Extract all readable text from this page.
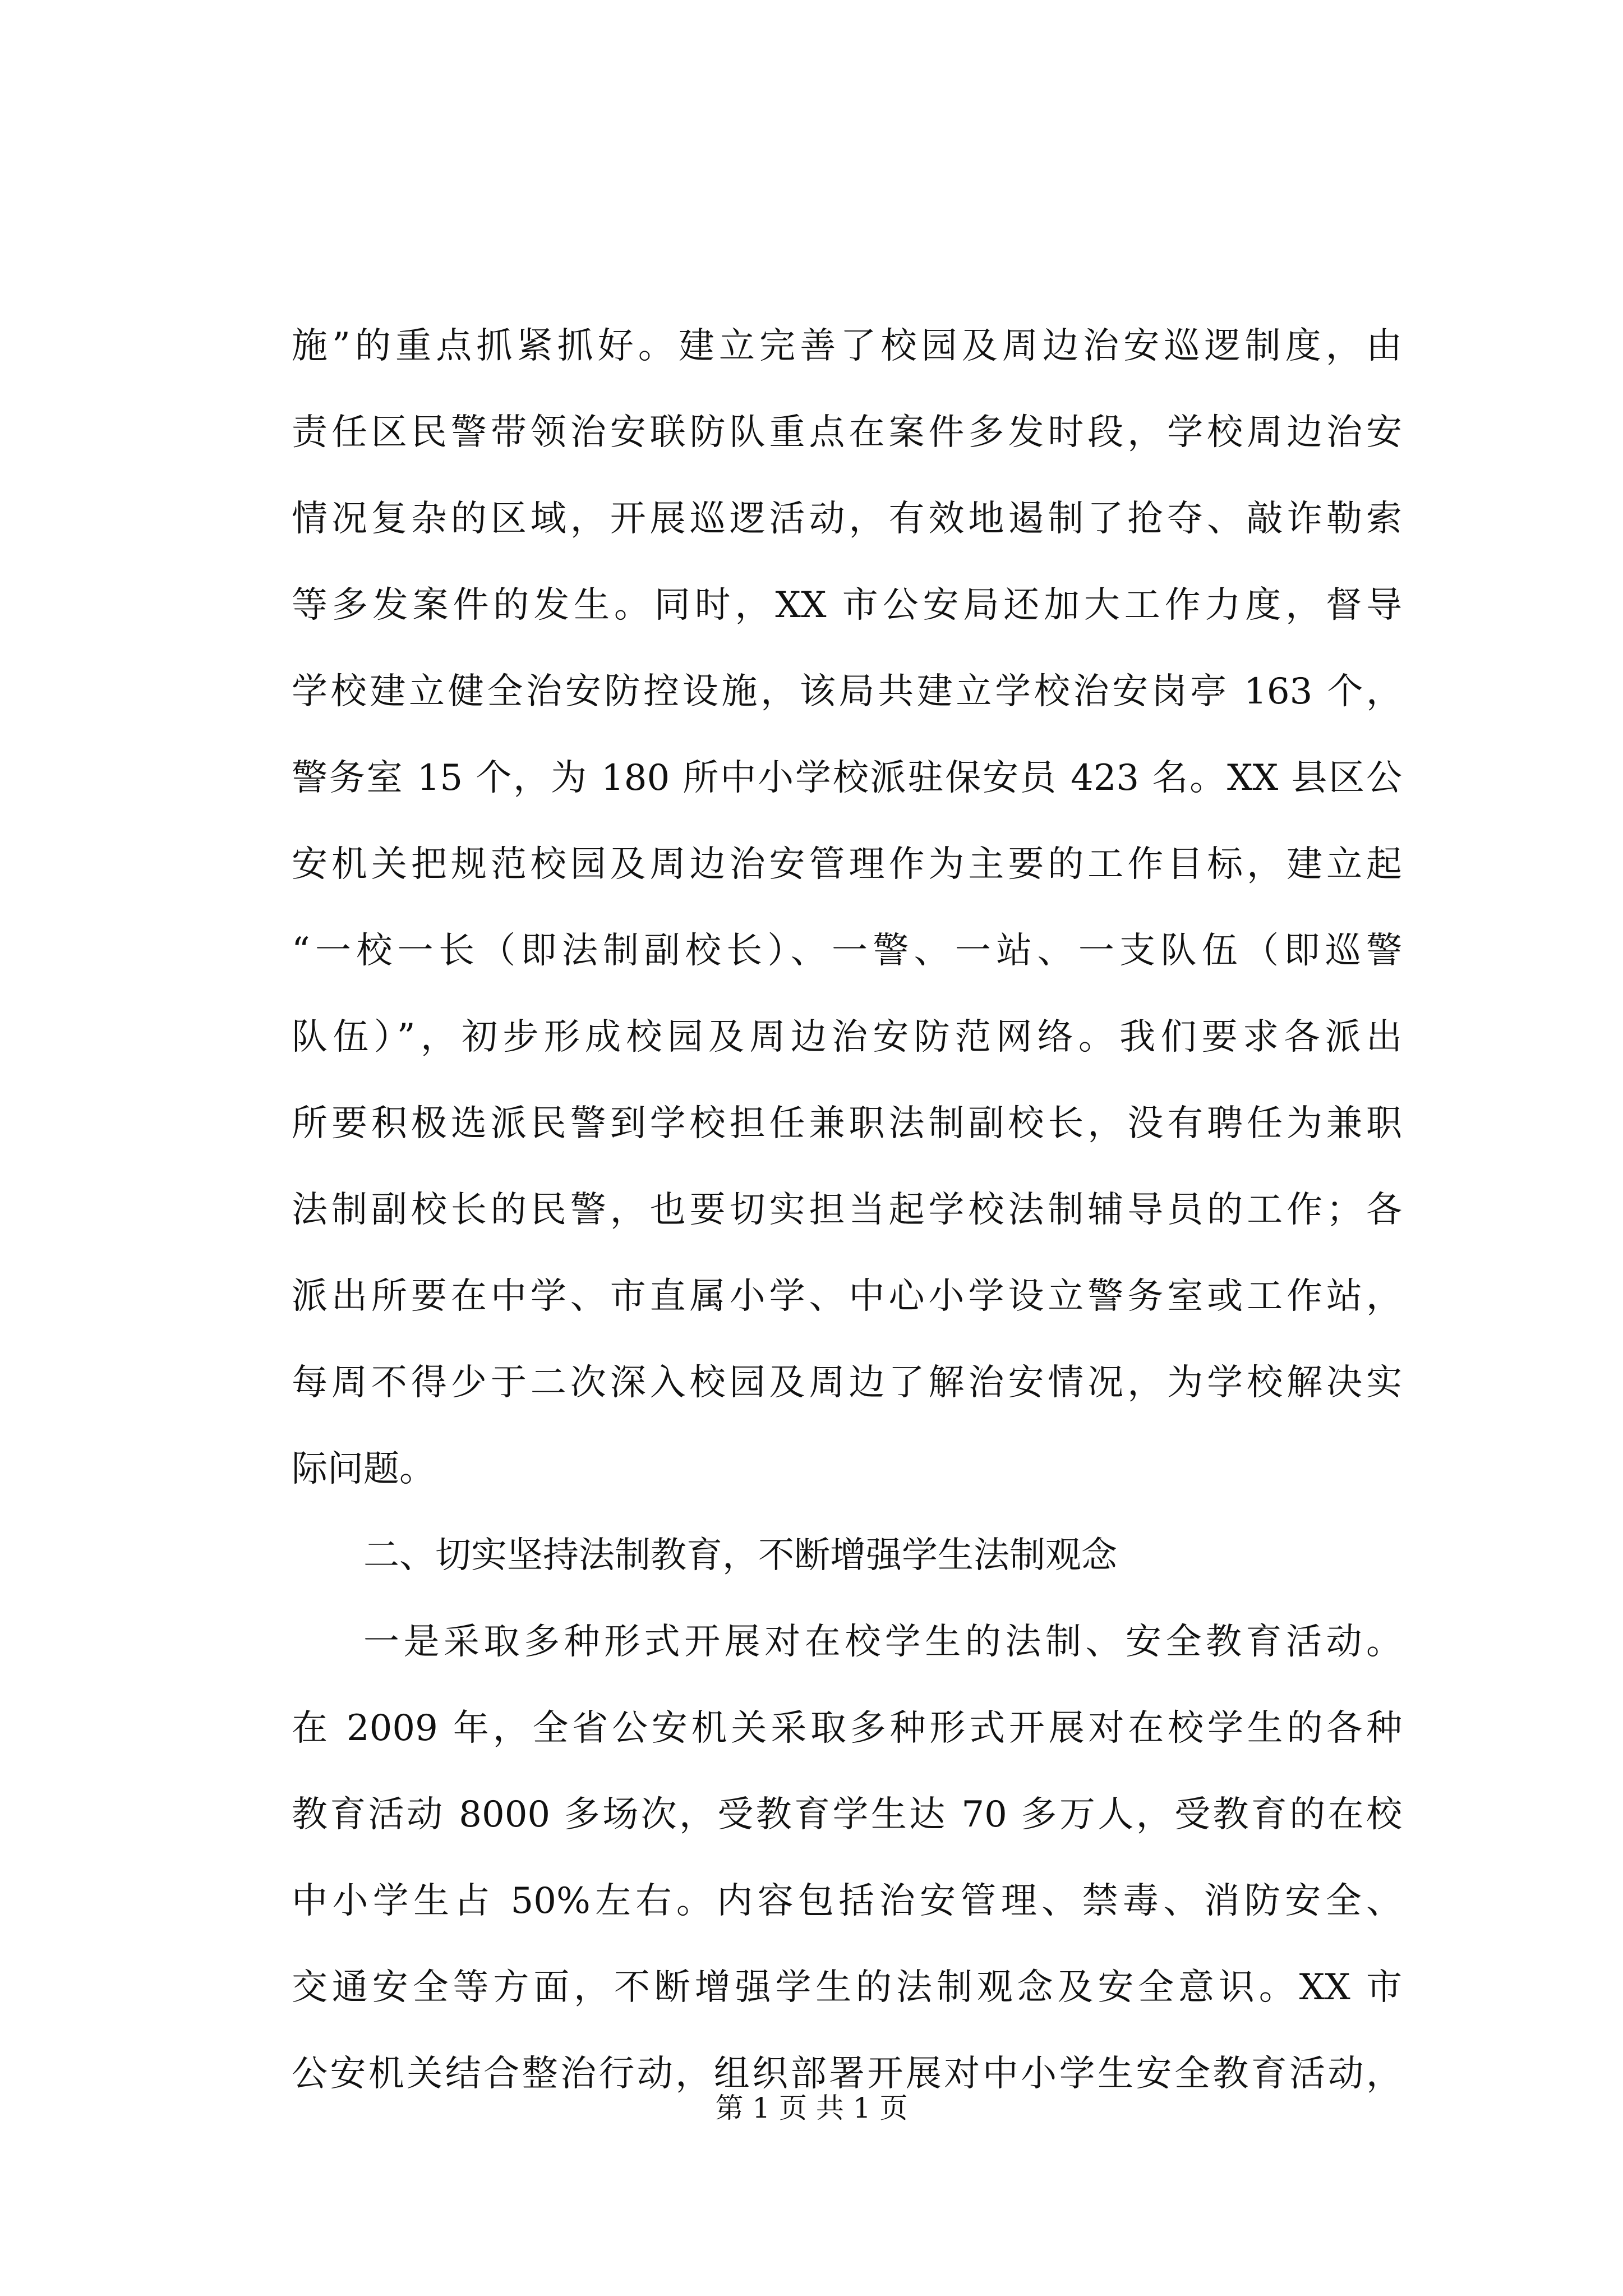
施”的重点抓紧抓好。建立完善了校园及周边治安巡逻制度，由
责任区民警带领治安联防队重点在案件多发时段，学校周边治安
情况复杂的区域，开展巡逻活动，有效地遏制了抢夺、敲诈勒索
等多发案件的发生。同时，XX 市公安局还加大工作力度，督导
学校建立健全治安防控设施，该局共建立学校治安岗亭 163 个，
警务室 15 个，为 180 所中小学校派驻保安员 423 名。XX 县区公
安机关把规范校园及周边治安管理作为主要的工作目标，建立起
“一校一长（即法制副校长）、一警、一站、一支队伍（即巡警
队伍）”，初步形成校园及周边治安防范网络。我们要求各派出
所要积极选派民警到学校担任兼职法制副校长，没有聘任为兼职
法制副校长的民警，也要切实担当起学校法制辅导员的工作；各
派出所要在中学、市直属小学、中心小学设立警务室或工作站，
每周不得少于二次深入校园及周边了解治安情况，为学校解决实
际问题。
二、切实坚持法制教育，不断增强学生法制观念
一是采取多种形式开展对在校学生的法制、安全教育活动。
在 2009 年，全省公安机关采取多种形式开展对在校学生的各种
教育活动 8000 多场次，受教育学生达 70 多万人，受教育的在校
中小学生占 50%左右。内容包括治安管理、禁毒、消防安全、
交通安全等方面，不断增强学生的法制观念及安全意识。XX 市
公安机关结合整治行动，组织部署开展对中小学生安全教育活动，
第 1 页 共 1 页
